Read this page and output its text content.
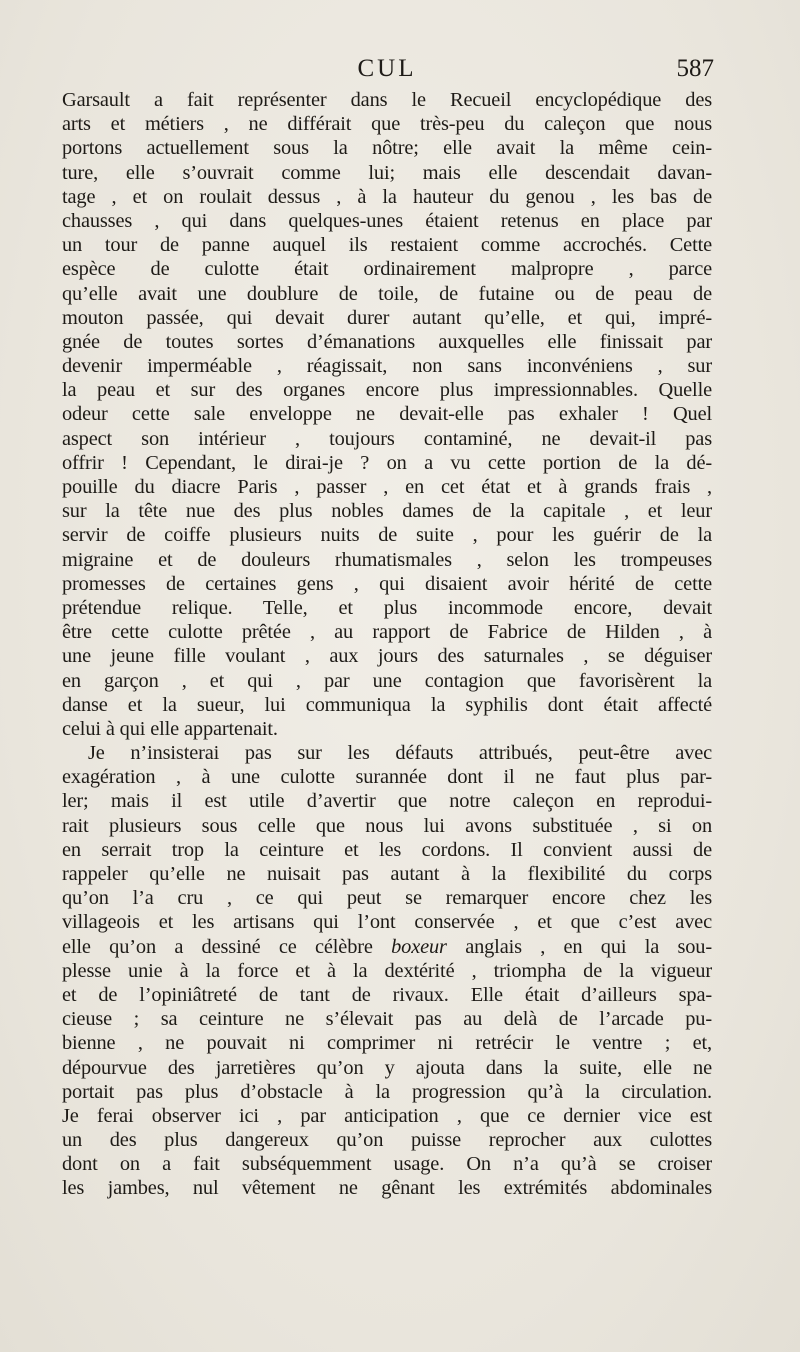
CUL	587
Garsault a fait représenter dans le Recueil encyclopédique des
arts et métiers , ne différait que très-peu du caleçon que nous
portons actuellement sous la nôtre; elle avait la même cein-
ture, elle s’ouvrait comme lui; mais elle descendait davan-
tage , et on roulait dessus , à la hauteur du genou , les bas de
chausses , qui dans quelques-unes étaient retenus en place par
un tour de panne auquel ils restaient comme accrochés. Cette
espèce de culotte était ordinairement malpropre , parce
qu’elle avait une doublure de toile, de futaine ou de peau de
mouton passée, qui devait durer autant qu’elle, et qui, impré-
gnée de toutes sortes d’émanations auxquelles elle finissait par
devenir imperméable , réagissait, non sans inconvéniens , sur
la peau et sur des organes encore plus impressionnables. Quelle
odeur cette sale enveloppe ne devait-elle pas exhaler ! Quel
aspect son intérieur , toujours contaminé, ne devait-il pas
offrir ! Cependant, le dirai-je ? on a vu cette portion de la dé-
pouille du diacre Paris , passer , en cet état et à grands frais ,
sur la tête nue des plus nobles dames de la capitale , et leur
servir de coiffe plusieurs nuits de suite , pour les guérir de la
migraine et de douleurs rhumatismales , selon les trompeuses
promesses de certaines gens , qui disaient avoir hérité de cette
prétendue relique. Telle, et plus incommode encore, devait
être cette culotte prêtée , au rapport de Fabrice de Hilden , à
une jeune fille voulant , aux jours des saturnales , se déguiser
en garçon , et qui , par une contagion que favorisèrent la
danse et la sueur, lui communiqua la syphilis dont était affecté
celui à qui elle appartenait.
Je n’insisterai pas sur les défauts attribués, peut-être avec
exagération , à une culotte surannée dont il ne faut plus par-
ler; mais il est utile d’avertir que notre caleçon en reprodui-
rait plusieurs sous celle que nous lui avons substituée , si on
en serrait trop la ceinture et les cordons. Il convient aussi de
rappeler qu’elle ne nuisait pas autant à la flexibilité du corps
qu’on l’a cru , ce qui peut se remarquer encore chez les
villageois et les artisans qui l’ont conservée , et que c’est avec
elle qu’on a dessiné ce célèbre boxeur anglais , en qui la sou-
plesse unie à la force et à la dextérité , triompha de la vigueur
et de l’opiniâtreté de tant de rivaux. Elle était d’ailleurs spa-
cieuse ; sa ceinture ne s’élevait pas au delà de l’arcade pu-
bienne , ne pouvait ni comprimer ni retrécir le ventre ; et,
dépourvue des jarretières qu’on y ajouta dans la suite, elle ne
portait pas plus d’obstacle à la progression qu’à la circulation.
Je ferai observer ici , par anticipation , que ce dernier vice est
un des plus dangereux qu’on puisse reprocher aux culottes
dont on a fait subséquemment usage. On n’a qu’à se croiser
les jambes, nul vêtement ne gênant les extrémités abdominales
